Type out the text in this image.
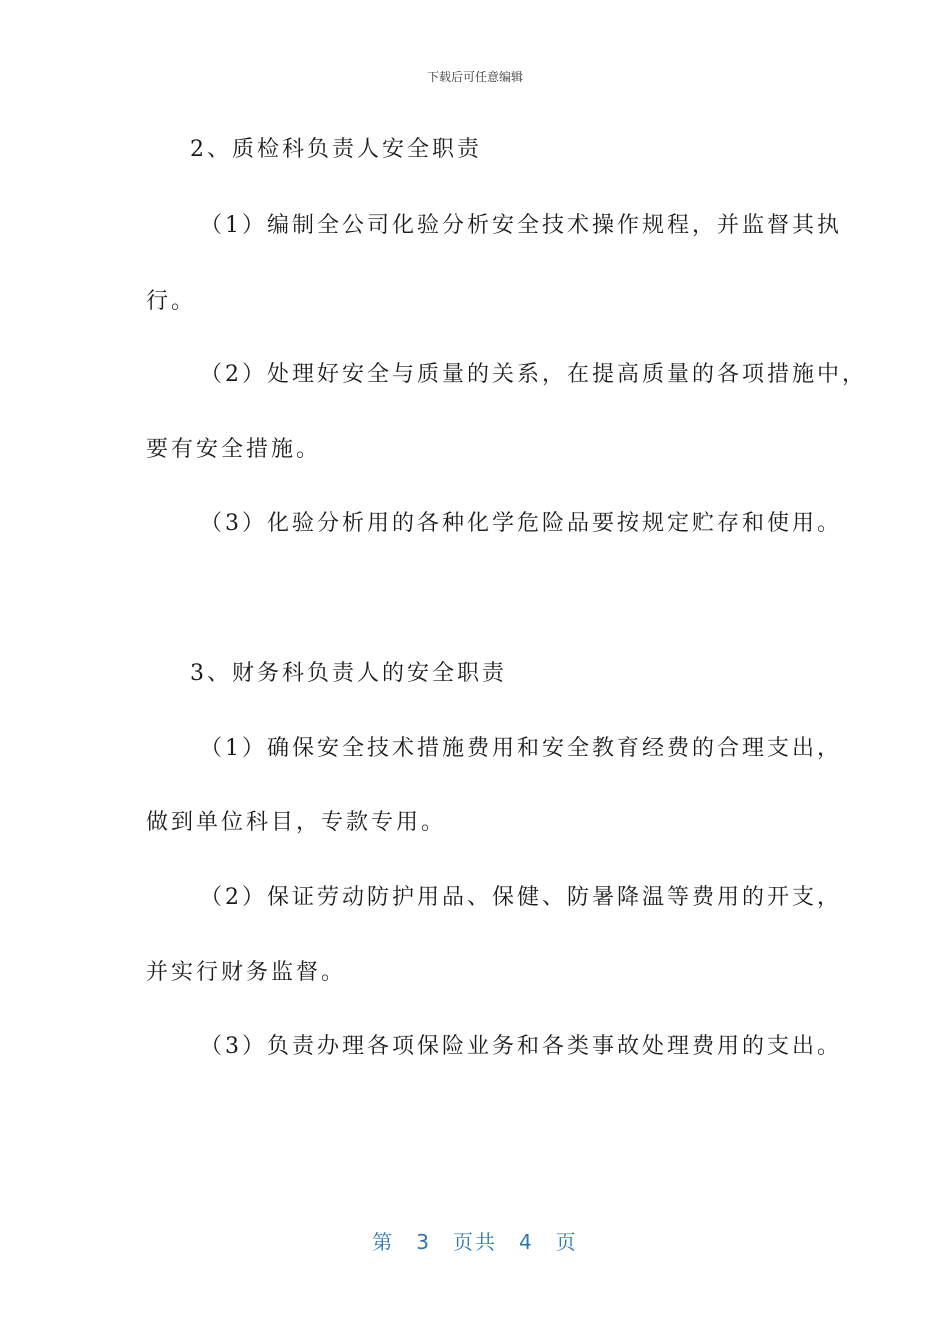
下载后可任意编辑
2、质检科负责人安全职责
（1）编制全公司化验分析安全技术操作规程，并监督其执
行。
（2）处理好安全与质量的关系，在提高质量的各项措施中，
要有安全措施。
（3）化验分析用的各种化学危险品要按规定贮存和使用。
3、财务科负责人的安全职责
（1）确保安全技术措施费用和安全教育经费的合理支出，
做到单位科目，专款专用。
（2）保证劳动防护用品、保健、防暑降温等费用的开支，
并实行财务监督。
（3）负责办理各项保险业务和各类事故处理费用的支出。
第 3 页共 4 页
